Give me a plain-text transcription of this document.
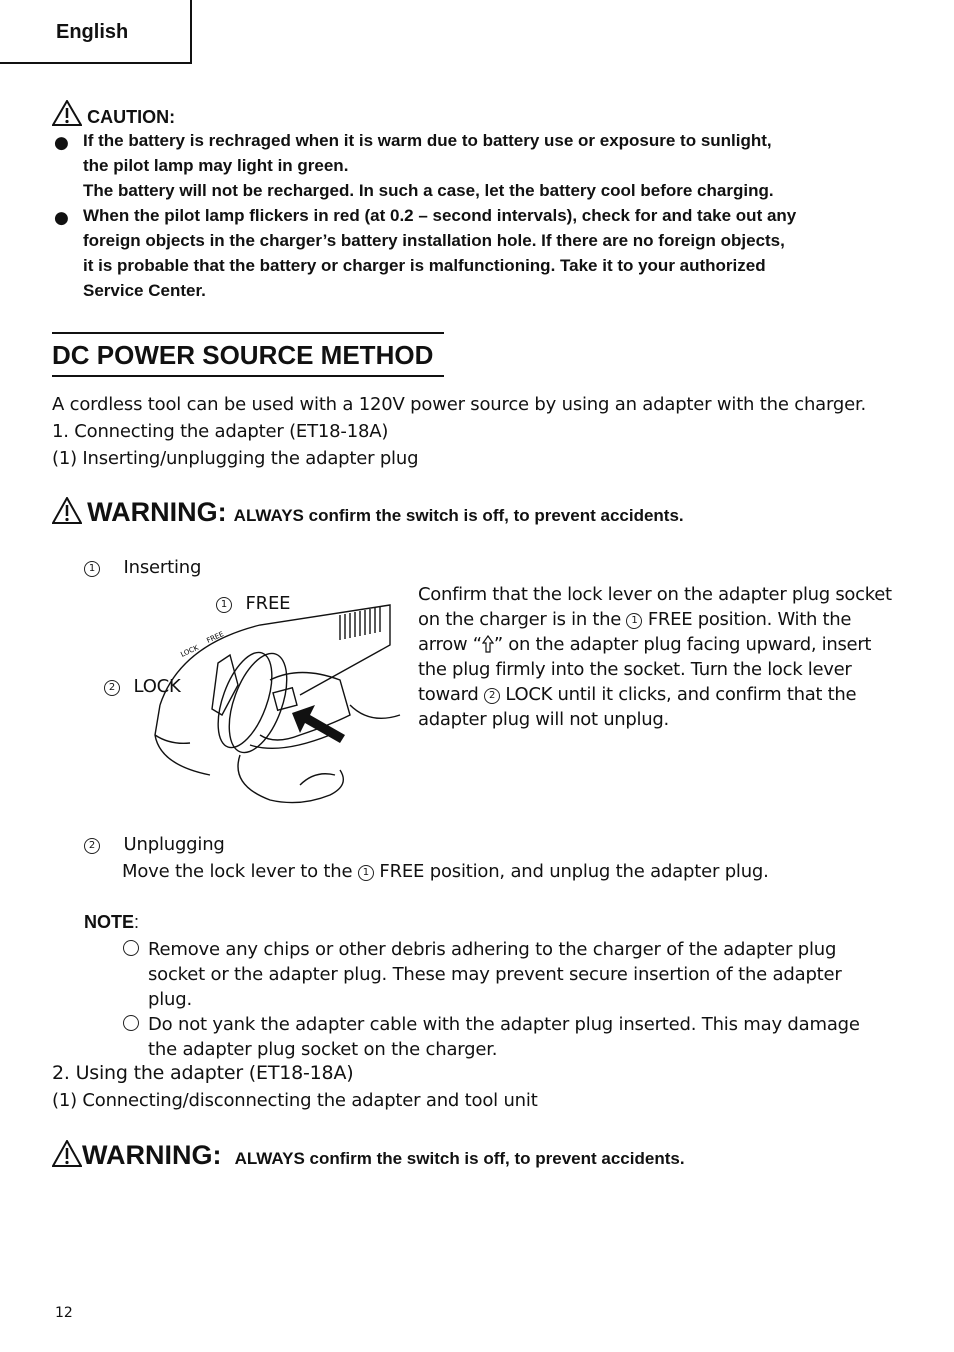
English
CAUTION:
● If the battery is rechraged when it is warm due to battery use or exposure to sunlight,
the pilot lamp may light in green.
The battery will not be recharged. In such a case, let the battery cool before charging.
● When the pilot lamp flickers in red (at 0.2 – second intervals), check for and take out any
foreign objects in the charger’s battery installation hole. If there are no foreign objects,
it is probable that the battery or charger is malfunctioning. Take it to your authorized
Service Center.
DC POWER SOURCE METHOD
A cordless tool can be used with a 120V power source by using an adapter with the charger.
1. Connecting the adapter (ET18-18A)
(1) Inserting/unplugging the adapter plug
WARNING: ALWAYS confirm the switch is off, to prevent accidents.
1 Inserting
FREE
LOCK
1 FREE
2 LOCK
Confirm that the lock lever on the adapter plug socket
on the charger is in the 1 FREE position. With the
arrow “ ” on the adapter plug facing upward, insert
the plug firmly into the socket. Turn the lock lever
toward 2 LOCK until it clicks, and confirm that the
adapter plug will not unplug.
2 Unplugging
Move the lock lever to the 1 FREE position, and unplug the adapter plug.
NOTE:
Remove any chips or other debris adhering to the charger of the adapter plug
socket or the adapter plug. These may prevent secure insertion of the adapter
plug.
Do not yank the adapter cable with the adapter plug inserted. This may damage
the adapter plug socket on the charger.
2. Using the adapter (ET18-18A)
(1) Connecting/disconnecting the adapter and tool unit
WARNING: ALWAYS confirm the switch is off, to prevent accidents.
12
